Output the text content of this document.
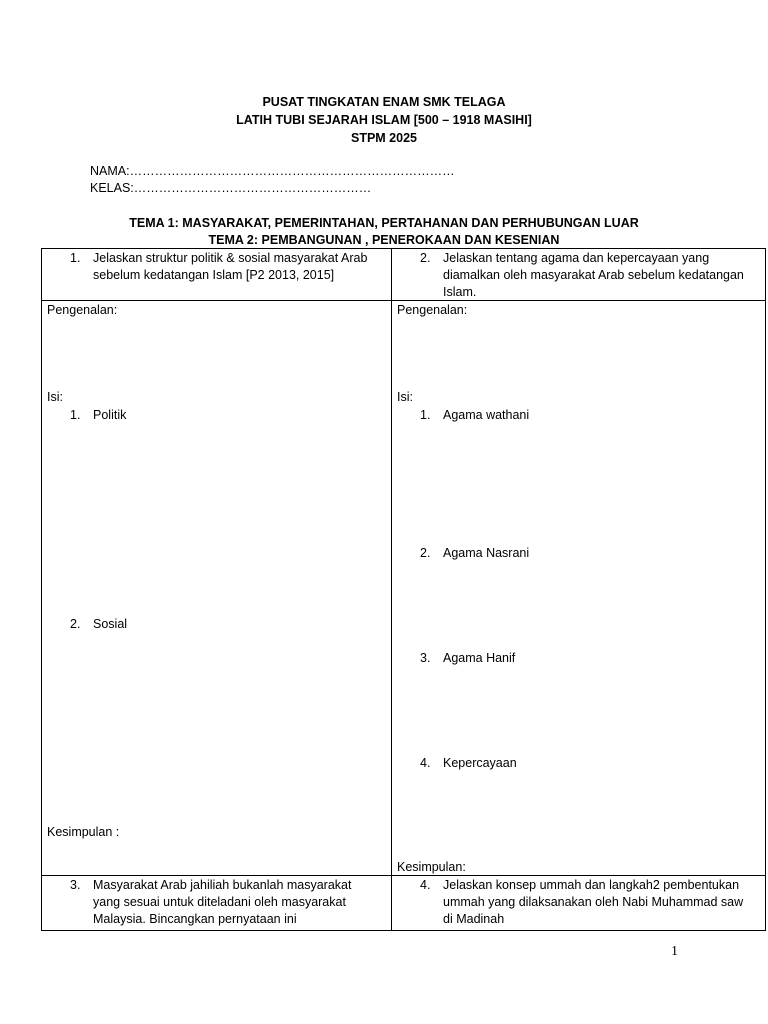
PUSAT TINGKATAN ENAM SMK TELAGA
LATIH TUBI SEJARAH ISLAM [500 – 1918 MASIHI]
STPM 2025
NAMA:……………………………………………………………………
KELAS:…………………………………………………
TEMA 1: MASYARAKAT, PEMERINTAHAN, PERTAHANAN DAN PERHUBUNGAN LUAR
TEMA 2: PEMBANGUNAN , PENEROKAAN DAN KESENIAN
1. Jelaskan struktur politik & sosial masyarakat Arab
sebelum kedatangan Islam [P2 2013, 2015]
2. Jelaskan tentang agama dan kepercayaan yang
diamalkan oleh masyarakat Arab sebelum kedatangan
Islam.
Pengenalan:
Isi:
1. Politik
2. Sosial
Kesimpulan :
Pengenalan:
Isi:
1. Agama wathani
2. Agama Nasrani
3. Agama Hanif
4. Kepercayaan
Kesimpulan:
3. Masyarakat Arab jahiliah bukanlah masyarakat
yang sesuai untuk diteladani oleh masyarakat
Malaysia. Bincangkan pernyataan ini
4. Jelaskan konsep ummah dan langkah2 pembentukan
ummah yang dilaksanakan oleh Nabi Muhammad saw
di Madinah
1
